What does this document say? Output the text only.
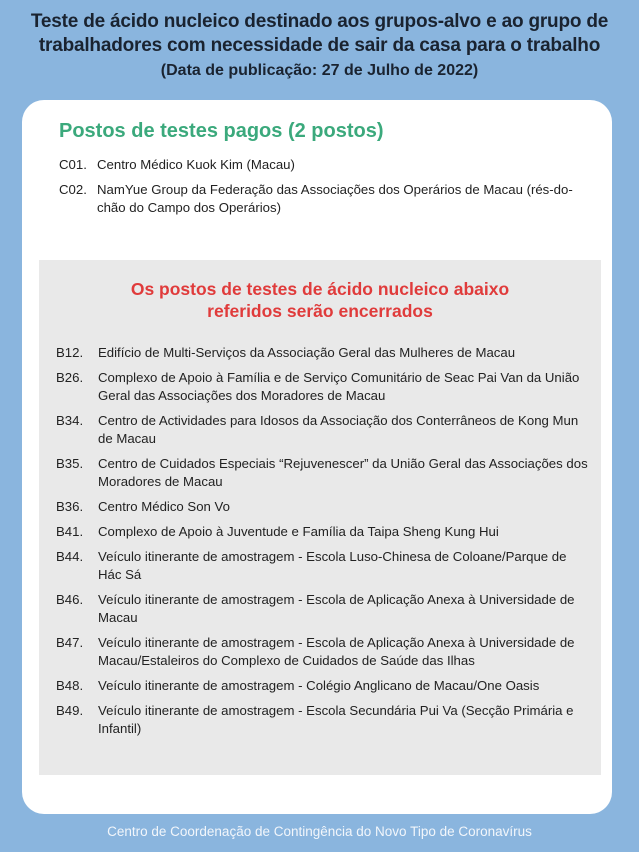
Teste de ácido nucleico destinado aos grupos-alvo e ao grupo de
trabalhadores com necessidade de sair da casa para o trabalho
(Data de publicação: 27 de Julho de 2022)
Postos de testes pagos (2 postos)
C01. Centro Médico Kuok Kim (Macau)
C02. NamYue Group da Federação das Associações dos Operários de Macau (rés-do-chão do Campo dos Operários)
Os postos de testes de ácido nucleico abaixo
referidos serão encerrados
B12.	Edifício de Multi-Serviços da Associação Geral das Mulheres de Macau
B26.	Complexo de Apoio à Família e de Serviço Comunitário de Seac Pai Van da União Geral das Associações dos Moradores de Macau
B34.	Centro de Actividades para Idosos da Associação dos Conterrâneos de Kong Mun de Macau
B35.	Centro de Cuidados Especiais “Rejuvenescer” da União Geral das Associações dos Moradores de Macau
B36.	Centro Médico Son Vo
B41.	Complexo de Apoio à Juventude e Família da Taipa Sheng Kung Hui
B44.	Veículo itinerante de amostragem - Escola Luso-Chinesa de Coloane/Parque de Hác Sá
B46.	Veículo itinerante de amostragem - Escola de Aplicação Anexa à Universidade de Macau
B47.	Veículo itinerante de amostragem - Escola de Aplicação Anexa à Universidade de Macau/Estaleiros do Complexo de Cuidados de Saúde das Ilhas
B48.	Veículo itinerante de amostragem - Colégio Anglicano de Macau/One Oasis
B49.	Veículo itinerante de amostragem - Escola Secundária Pui Va (Secção Primária e Infantil)
Centro de Coordenação de Contingência do Novo Tipo de Coronavírus
